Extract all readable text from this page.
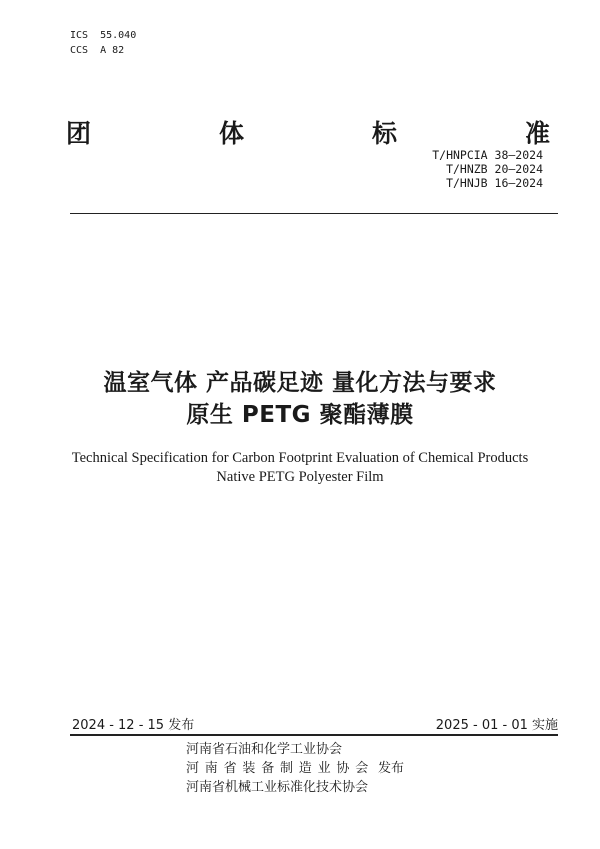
ICS  55.040
CCS  A 82
团	体	标	准
T/HNPCIA 38—2024
T/HNZB 20—2024
T/HNJB 16—2024
温室气体 产品碳足迹 量化方法与要求
原生 PETG 聚酯薄膜
Technical Specification for Carbon Footprint Evaluation of Chemical Products
Native PETG Polyester Film
2024 - 12 - 15 发布	2025 - 01 - 01 实施
河南省石油和化学工业协会
河南省装备制造业协会 发布
河南省机械工业标准化技术协会
